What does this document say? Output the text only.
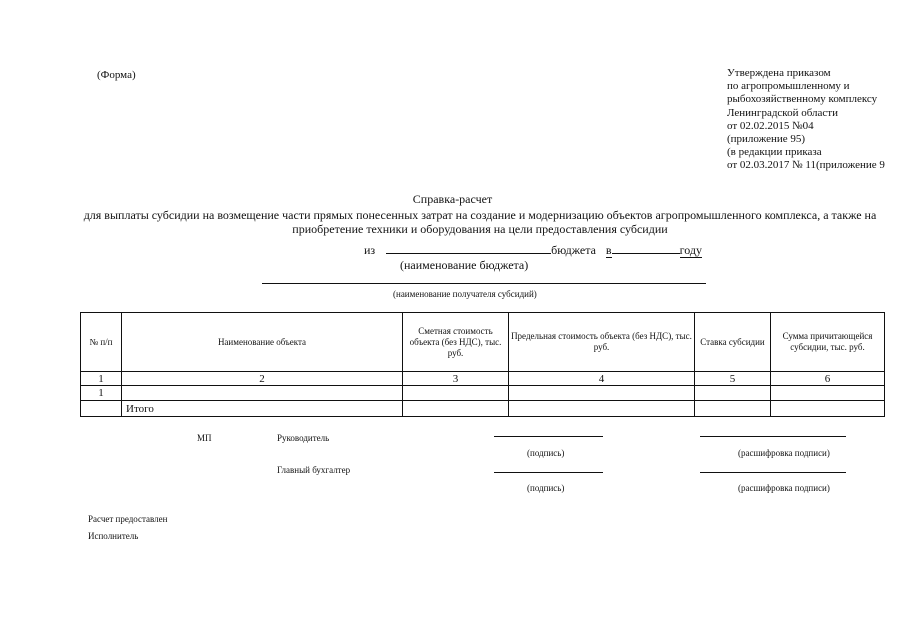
(Форма)	Утверждена приказом
по агропромышленному и
рыбохозяйственному комплексу
Ленинградской области
от 02.02.2015 №04
(приложение 95)
(в редакции приказа
от 02.03.2017 № 11(приложение 9
Справка-расчет
для выплаты субсидии на возмещение части прямых понесенных затрат на создание и модернизацию объектов агропромышленного комплекса, а также на приобретение техники и оборудования на цели предоставления субсидии
из	бюджета в	году
(наименование бюджета)
(наименование получателя субсидий)
№ п/п	Наименование объекта	Сметная стоимость объекта (без НДС), тыс. руб.	Предельная стоимость объекта (без НДС), тыс. руб.	Ставка субсидии	Сумма причитающейся субсидии, тыс. руб.
1	2	3	4	5	6
1					
	Итого				
МП	Руководитель
(подпись)	(расшифровка подписи)
Главный бухгалтер
(подпись)	(расшифровка подписи)
Расчет предоставлен
Исполнитель
